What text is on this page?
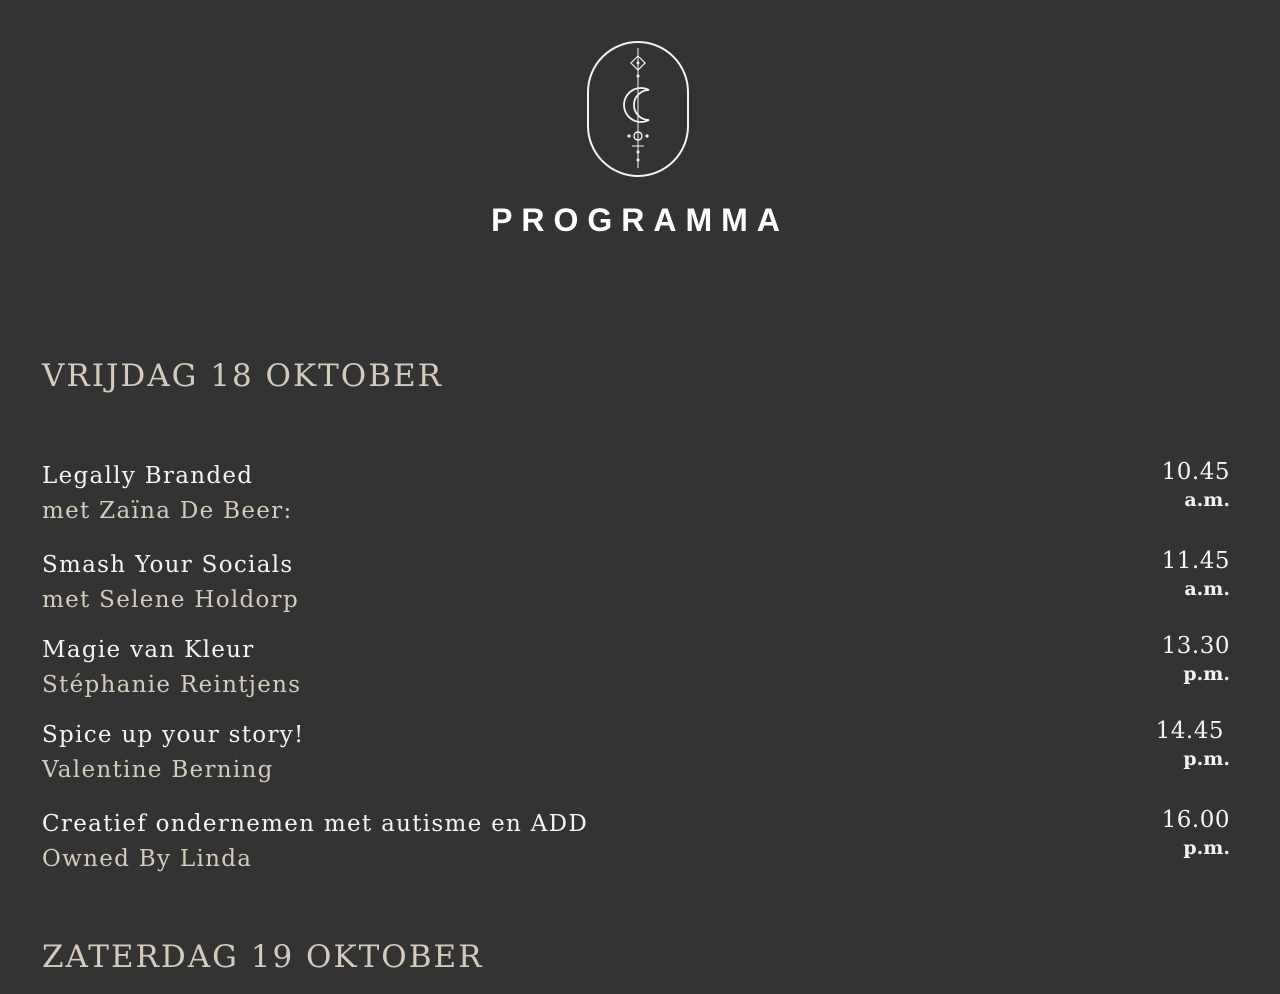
PROGRAMMA
VRIJDAG 18 OKTOBER
Legally Branded
met Zaïna De Beer:
10.45
a.m.
Smash Your Socials
met Selene Holdorp
11.45
a.m.
Magie van Kleur
Stéphanie Reintjens
13.30
p.m.
Spice up your story!
Valentine Berning
14.45
p.m.
Creatief ondernemen met autisme en ADD
Owned By Linda
16.00
p.m.
ZATERDAG 19 OKTOBER
